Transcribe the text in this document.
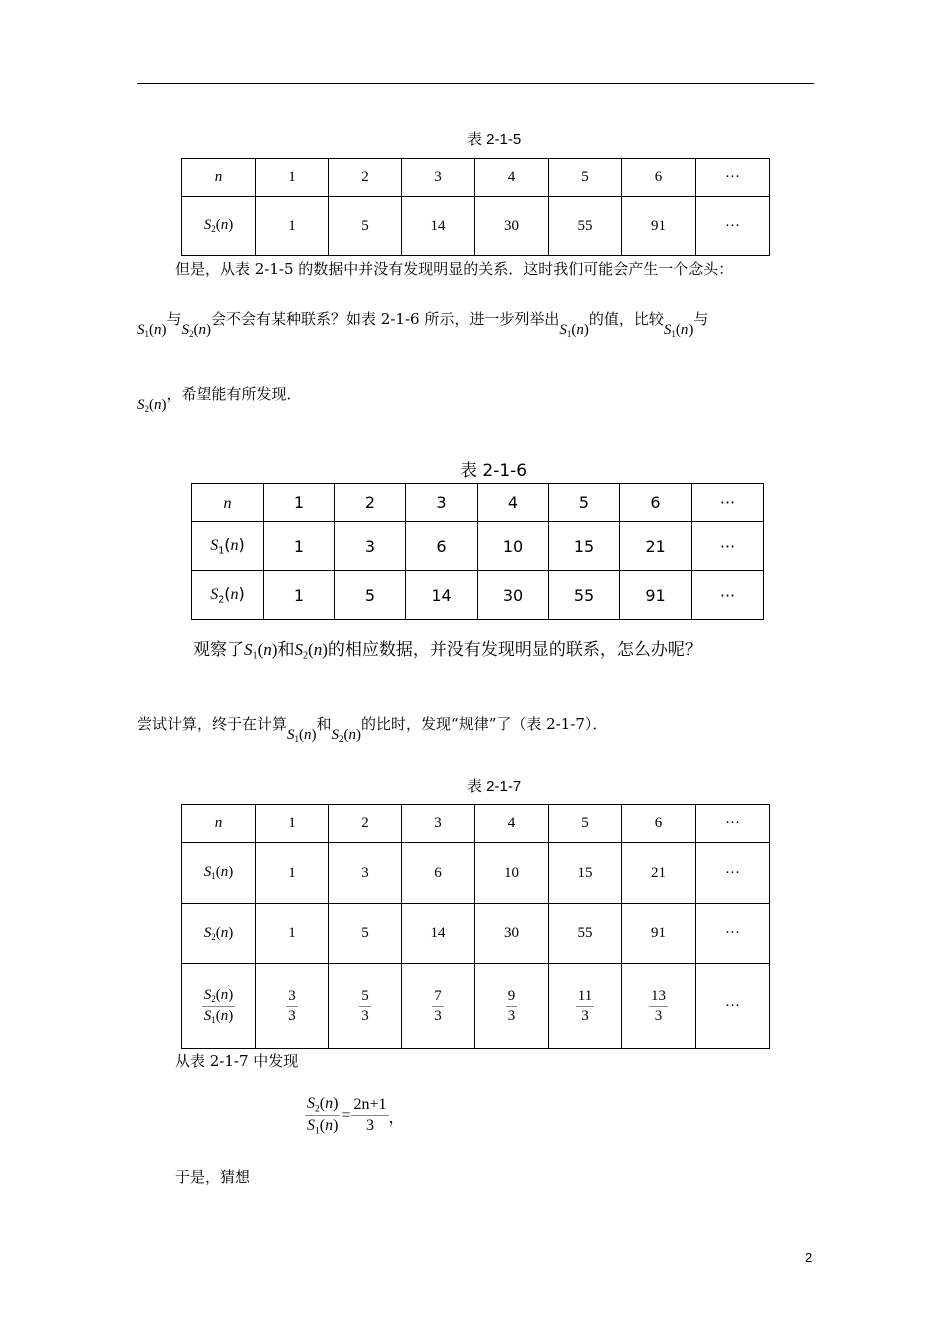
表 2-1-5
n	1	2	3	4	5	6	···
$S_2(n)$	1	5	14	30	55	91	···
但是，从表 2-1-5 的数据中并没有发现明显的关系．这时我们可能会产生一个念头：
$S_1(n)$与$S_2(n)$会不会有某种联系？如表 2-1-6 所示，进一步列举出$S_1(n)$的值，比较$S_1(n)$与
$S_2(n)$，希望能有所发现．
表 2-1-6
n	1	2	3	4	5	6	···
$S_1(n)$	1	3	6	10	15	21	···
$S_2(n)$	1	5	14	30	55	91	···
观察了$S_1(n)$和$S_2(n)$的相应数据，并没有发现明显的联系，怎么办呢？
尝试计算，终于在计算$S_1(n)$和$S_2(n)$的比时，发现“规律”了（表 2-1-7）．
表 2-1-7
n	1	2	3	4	5	6	···
$S_1(n)$	1	3	6	10	15	21	···
$S_2(n)$	1	5	14	30	55	91	···

$\frac{S_2(n)}{S_1(n)}$	$\frac{3}{3}$	$\frac{5}{3}$	$\frac{7}{3}$	$\frac{9}{3}$	$\frac{11}{3}$	$\frac{13}{3}$	···
从表 2-1-7 中发现
$\frac{S_2(n)}{S_1(n)} = \frac{2n+1}{3}$ ，
于是，猜想
2
